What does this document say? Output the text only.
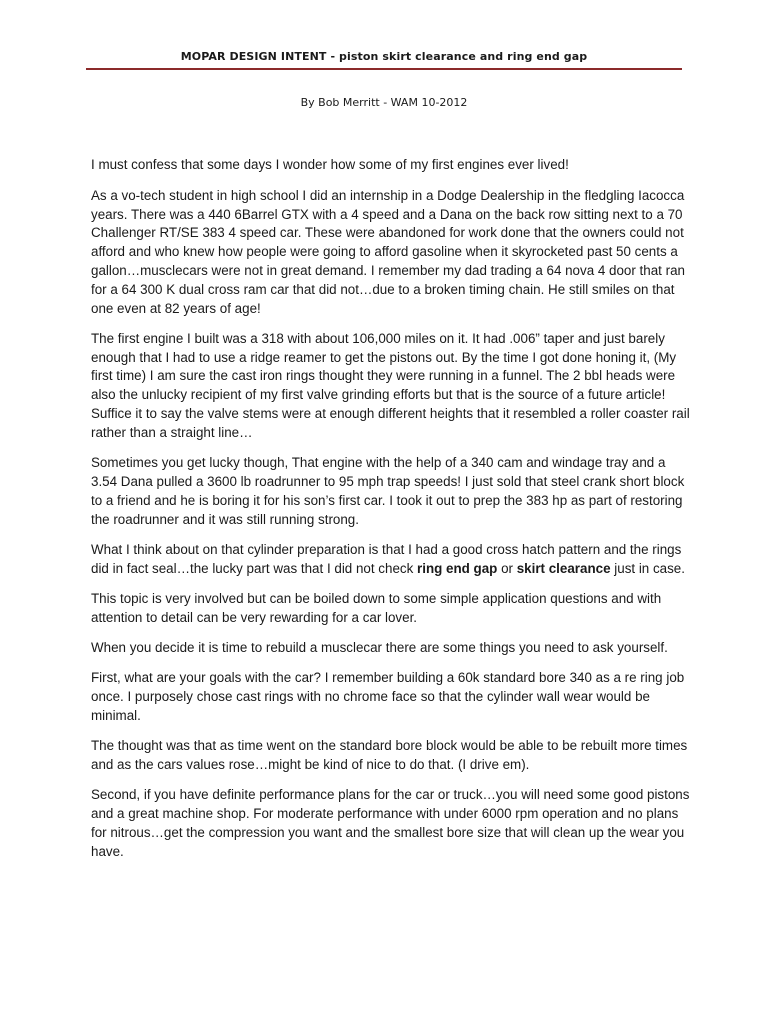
MOPAR DESIGN INTENT - piston skirt clearance and ring end gap
By Bob Merritt - WAM 10-2012

I must confess that some days I wonder how some of my first engines ever lived!

As a vo-tech student in high school I did an internship in a Dodge Dealership in the fledgling Iacocca years. There was a 440 6Barrel GTX with a 4 speed and a Dana on the back row sitting next to a 70 Challenger RT/SE 383 4 speed car. These were abandoned for work done that the owners could not afford and who knew how people were going to afford gasoline when it skyrocketed past 50 cents a gallon…musclecars were not in great demand. I remember my dad trading a 64 nova 4 door that ran for a 64 300 K dual cross ram car that did not…due to a broken timing chain. He still smiles on that one even at 82 years of age!

The first engine I built was a 318 with about 106,000 miles on it. It had .006” taper and just barely enough that I had to use a ridge reamer to get the pistons out. By the time I got done honing it, (My first time) I am sure the cast iron rings thought they were running in a funnel. The 2 bbl heads were also the unlucky recipient of my first valve grinding efforts but that is the source of a future article! Suffice it to say the valve stems were at enough different heights that it resembled a roller coaster rail rather than a straight line…

Sometimes you get lucky though, That engine with the help of a 340 cam and windage tray and a 3.54 Dana pulled a 3600 lb roadrunner to 95 mph trap speeds! I just sold that steel crank short block to a friend and he is boring it for his son’s first car. I took it out to prep the 383 hp as part of restoring the roadrunner and it was still running strong.

What I think about on that cylinder preparation is that I had a good cross hatch pattern and the rings did in fact seal…the lucky part was that I did not check ring end gap or skirt clearance just in case.

This topic is very involved but can be boiled down to some simple application questions and with attention to detail can be very rewarding for a car lover.

When you decide it is time to rebuild a musclecar there are some things you need to ask yourself.

First, what are your goals with the car? I remember building a 60k standard bore 340 as a re ring job once. I purposely chose cast rings with no chrome face so that the cylinder wall wear would be minimal.

The thought was that as time went on the standard bore block would be able to be rebuilt more times and as the cars values rose…might be kind of nice to do that. (I drive em).

Second, if you have definite performance plans for the car or truck…you will need some good pistons and a great machine shop. For moderate performance with under 6000 rpm operation and no plans for nitrous…get the compression you want and the smallest bore size that will clean up the wear you have.
